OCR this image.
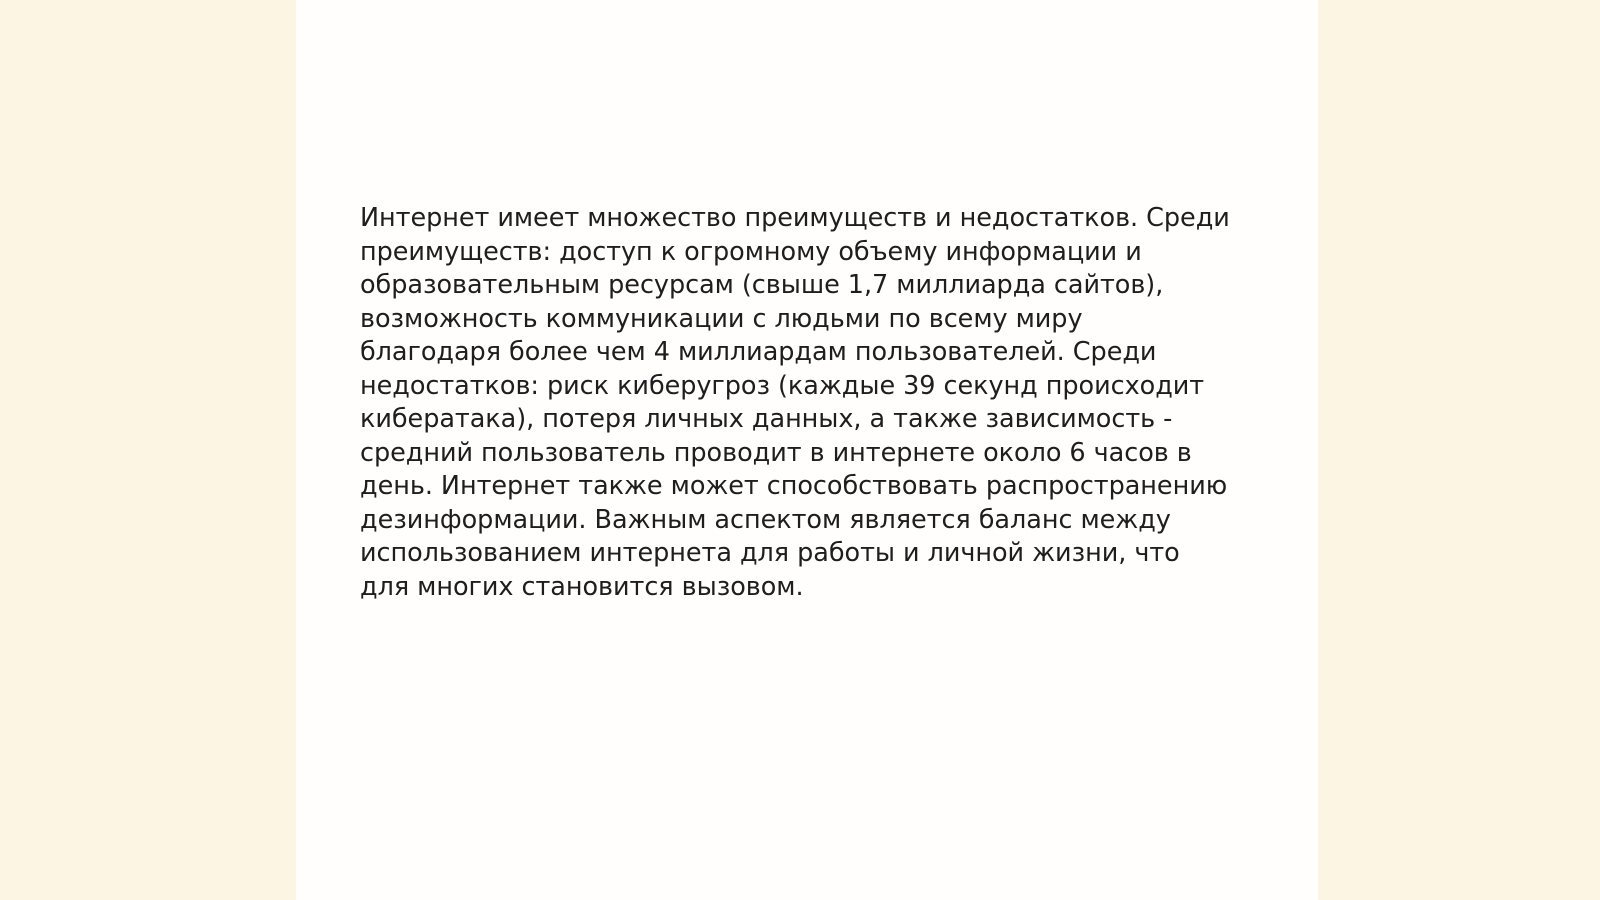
Интернет имеет множество преимуществ и недостатков. Среди
преимуществ: доступ к огромному объему информации и
образовательным ресурсам (свыше 1,7 миллиарда сайтов),
возможность коммуникации с людьми по всему миру
благодаря более чем 4 миллиардам пользователей. Среди
недостатков: риск киберугроз (каждые 39 секунд происходит
кибератака), потеря личных данных, а также зависимость -
средний пользователь проводит в интернете около 6 часов в
день. Интернет также может способствовать распространению
дезинформации. Важным аспектом является баланс между
использованием интернета для работы и личной жизни, что
для многих становится вызовом.
